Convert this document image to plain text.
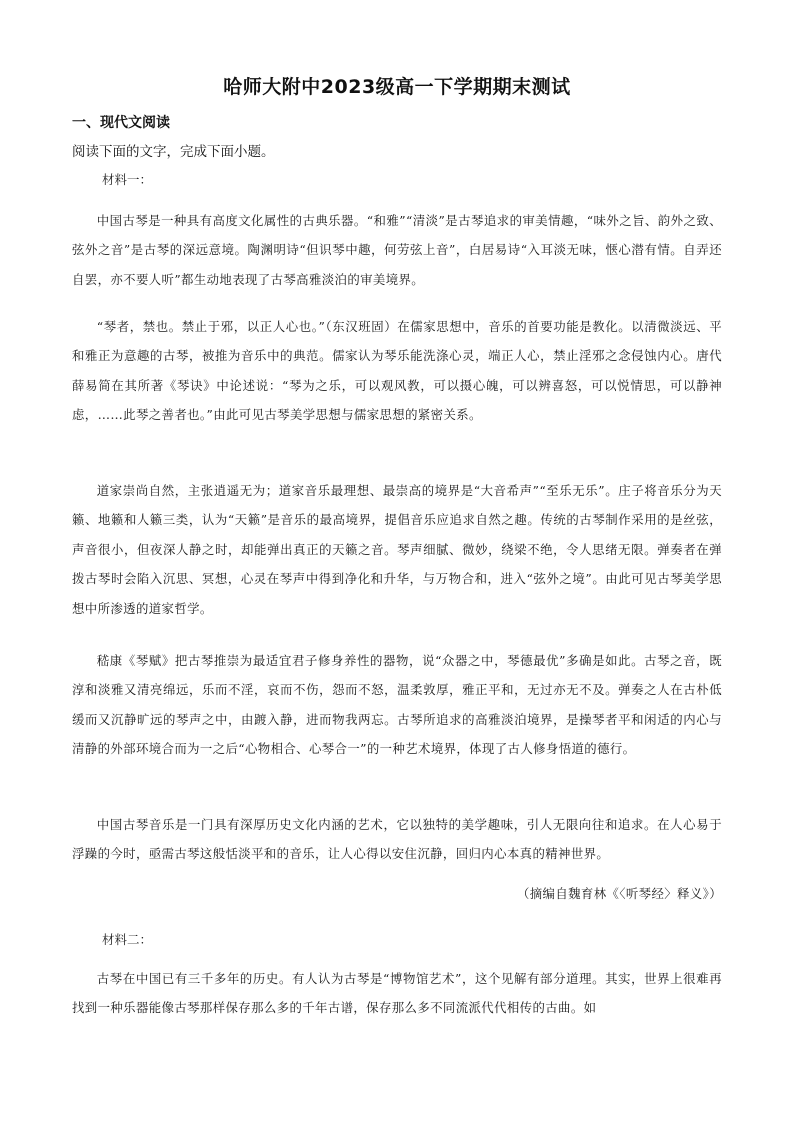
哈师大附中2023级高一下学期期末测试
一、现代文阅读
阅读下面的文字，完成下面小题。
材料一：
中国古琴是一种具有高度文化属性的古典乐器。“和雅”“清淡”是古琴追求的审美情趣，“味外之旨、韵外之致、弦外之音”是古琴的深远意境。陶渊明诗“但识琴中趣，何劳弦上音”，白居易诗“入耳淡无味，惬心潜有情。自弄还自罢，亦不要人听”都生动地表现了古琴高雅淡泊的审美境界。
“琴者，禁也。禁止于邪，以正人心也。”（东汉班固）在儒家思想中，音乐的首要功能是教化。以清微淡远、平和雅正为意趣的古琴，被推为音乐中的典范。儒家认为琴乐能洗涤心灵，端正人心，禁止淫邪之念侵蚀内心。唐代薛易简在其所著《琴诀》中论述说：“琴为之乐，可以观风教，可以摄心魄，可以辨喜怒，可以悦情思，可以静神虑，……此琴之善者也。”由此可见古琴美学思想与儒家思想的紧密关系。
道家崇尚自然，主张逍遥无为；道家音乐最理想、最崇高的境界是“大音希声”“至乐无乐”。庄子将音乐分为天籁、地籁和人籁三类，认为“天籁”是音乐的最高境界，提倡音乐应追求自然之趣。传统的古琴制作采用的是丝弦，声音很小，但夜深人静之时，却能弹出真正的天籁之音。琴声细腻、微妙，绕梁不绝，令人思绪无限。弹奏者在弹拨古琴时会陷入沉思、冥想，心灵在琴声中得到净化和升华，与万物合和，进入“弦外之境”。由此可见古琴美学思想中所渗透的道家哲学。
嵇康《琴赋》把古琴推崇为最适宜君子修身养性的器物，说“众器之中，琴德最优”多确是如此。古琴之音，既淳和淡雅又清亮绵远，乐而不淫，哀而不伤，怨而不怒，温柔敦厚，雅正平和，无过亦无不及。弹奏之人在古朴低缓而又沉静旷远的琴声之中，由踱入静，进而物我两忘。古琴所追求的高雅淡泊境界，是操琴者平和闲适的内心与清静的外部环境合而为一之后“心物相合、心琴合一”的一种艺术境界，体现了古人修身悟道的德行。
中国古琴音乐是一门具有深厚历史文化内涵的艺术，它以独特的美学趣味，引人无限向往和追求。在人心易于浮躁的今时，亟需古琴这般恬淡平和的音乐，让人心得以安住沉静，回归内心本真的精神世界。
（摘编自魏育林《〈听琴经〉释义》）
材料二：
古琴在中国已有三千多年的历史。有人认为古琴是“博物馆艺术”，这个见解有部分道理。其实，世界上很难再找到一种乐器能像古琴那样保存那么多的千年古谱，保存那么多不同流派代代相传的古曲。如
